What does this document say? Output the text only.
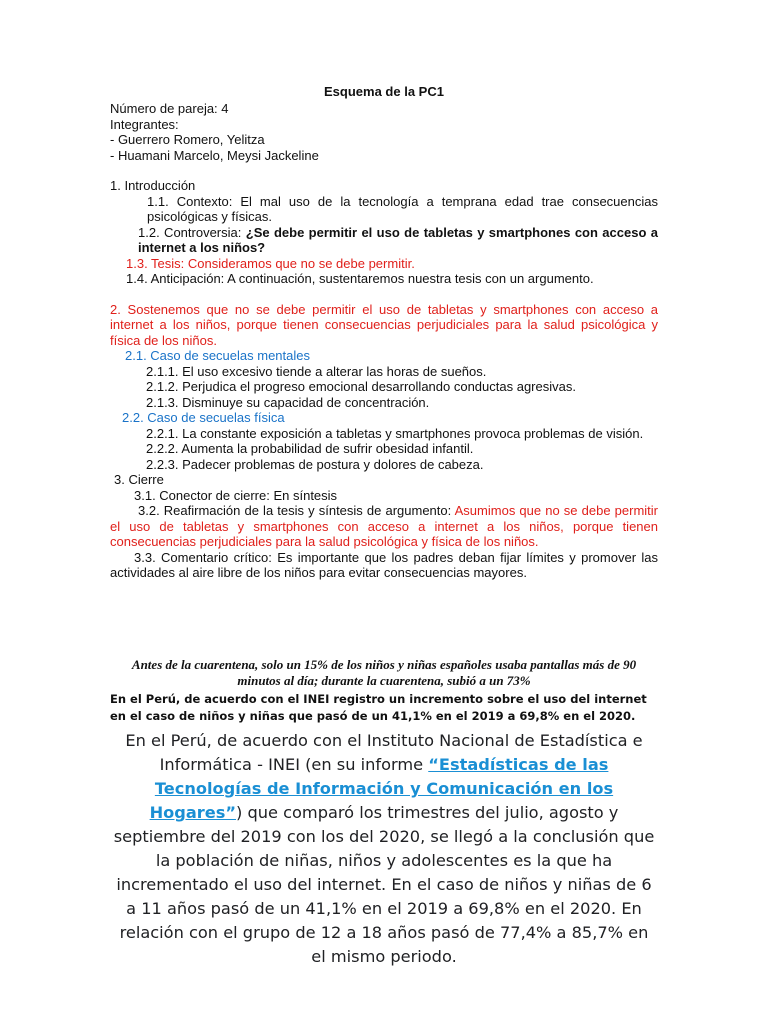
Esquema de la PC1

Número de pareja: 4

Integrantes:

- Guerrero Romero, Yelitza

- Huamani Marcelo, Meysi Jackeline

1. Introducción

1.1. Contexto: El mal uso de la tecnología a temprana edad trae consecuencias psicológicas y físicas.

1.2. Controversia: ¿Se debe permitir el uso de tabletas y smartphones con acceso a internet a los niños?

1.3. Tesis: Consideramos que no se debe permitir.

1.4. Anticipación: A continuación, sustentaremos nuestra tesis con un argumento.

2. Sostenemos que no se debe permitir el uso de tabletas y smartphones con acceso a internet a los niños, porque tienen consecuencias perjudiciales para la salud psicológica y física de los niños.

2.1. Caso de secuelas mentales

2.1.1. El uso excesivo tiende a alterar las horas de sueños.

2.1.2. Perjudica el progreso emocional desarrollando conductas agresivas.

2.1.3. Disminuye su capacidad de concentración.

2.2. Caso de secuelas física

2.2.1. La constante exposición a tabletas y smartphones provoca problemas de visión.

2.2.2. Aumenta la probabilidad de sufrir obesidad infantil.

2.2.3. Padecer problemas de postura y dolores de cabeza.

3. Cierre

3.1. Conector de cierre: En síntesis

3.2. Reafirmación de la tesis y síntesis de argumento: Asumimos que no se debe permitir el uso de tabletas y smartphones con acceso a internet a los niños, porque tienen consecuencias perjudiciales para la salud psicológica y física de los niños.

3.3. Comentario crítico: Es importante que los padres deban fijar límites y promover las actividades al aire libre de los niños para evitar consecuencias mayores.

Antes de la cuarentena, solo un 15% de los niños y niñas españoles usaba pantallas más de 90 minutos al día; durante la cuarentena, subió a un 73%

En el Perú, de acuerdo con el INEI registro un incremento sobre el uso del internet en el caso de niños y niñas que pasó de un 41,1% en el 2019 a 69,8% en el 2020.

En el Perú, de acuerdo con el Instituto Nacional de Estadística e Informática - INEI (en su informe “Estadísticas de las Tecnologías de Información y Comunicación en los Hogares”) que comparó los trimestres del julio, agosto y septiembre del 2019 con los del 2020, se llegó a la conclusión que la población de niñas, niños y adolescentes es la que ha incrementado el uso del internet. En el caso de niños y niñas de 6 a 11 años pasó de un 41,1% en el 2019 a 69,8% en el 2020. En relación con el grupo de 12 a 18 años pasó de 77,4% a 85,7% en el mismo periodo.
